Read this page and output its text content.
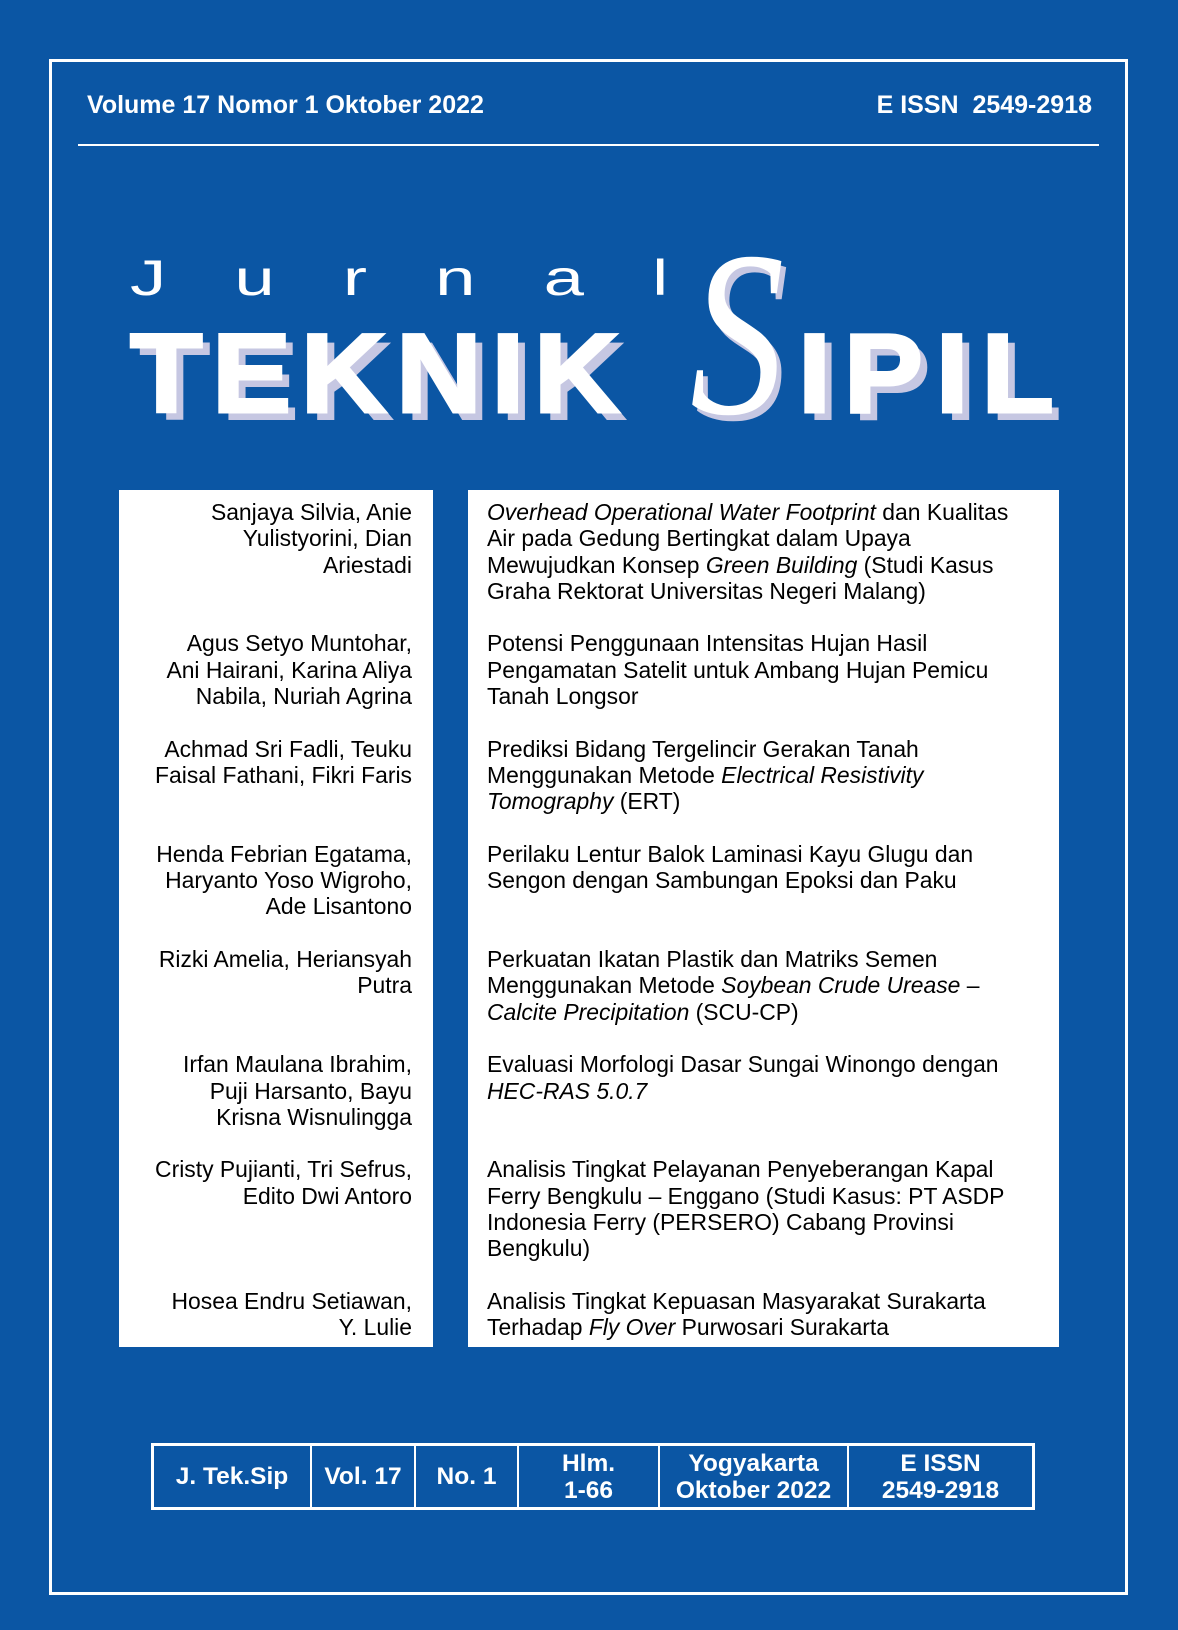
Volume 17 Nomor 1 Oktober 2022	E ISSN  2549-2918
Jurnal
TEKNIK S IPIL
Sanjaya Silvia, Anie
Yulistyorini, Dian
Ariestadi
Overhead Operational Water Footprint dan Kualitas
Air pada Gedung Bertingkat dalam Upaya
Mewujudkan Konsep Green Building (Studi Kasus
Graha Rektorat Universitas Negeri Malang)
Agus Setyo Muntohar,
Ani Hairani, Karina Aliya
Nabila, Nuriah Agrina
Potensi Penggunaan Intensitas Hujan Hasil
Pengamatan Satelit untuk Ambang Hujan Pemicu
Tanah Longsor
Achmad Sri Fadli, Teuku
Faisal Fathani, Fikri Faris
Prediksi Bidang Tergelincir Gerakan Tanah
Menggunakan Metode Electrical Resistivity
Tomography (ERT)
Henda Febrian Egatama,
Haryanto Yoso Wigroho,
Ade Lisantono
Perilaku Lentur Balok Laminasi Kayu Glugu dan
Sengon dengan Sambungan Epoksi dan Paku
Rizki Amelia, Heriansyah
Putra
Perkuatan Ikatan Plastik dan Matriks Semen
Menggunakan Metode Soybean Crude Urease –
Calcite Precipitation (SCU-CP)
Irfan Maulana Ibrahim,
Puji Harsanto, Bayu
Krisna Wisnulingga
Evaluasi Morfologi Dasar Sungai Winongo dengan
HEC-RAS 5.0.7
Cristy Pujianti, Tri Sefrus,
Edito Dwi Antoro
Analisis Tingkat Pelayanan Penyeberangan Kapal
Ferry Bengkulu – Enggano (Studi Kasus: PT ASDP
Indonesia Ferry (PERSERO) Cabang Provinsi
Bengkulu)
Hosea Endru Setiawan,
Y. Lulie
Analisis Tingkat Kepuasan Masyarakat Surakarta
Terhadap Fly Over Purwosari Surakarta
J. Tek.Sip Vol. 17 No. 1	Hlm.
1-66
Yogyakarta
Oktober 2022
E ISSN
2549-2918
